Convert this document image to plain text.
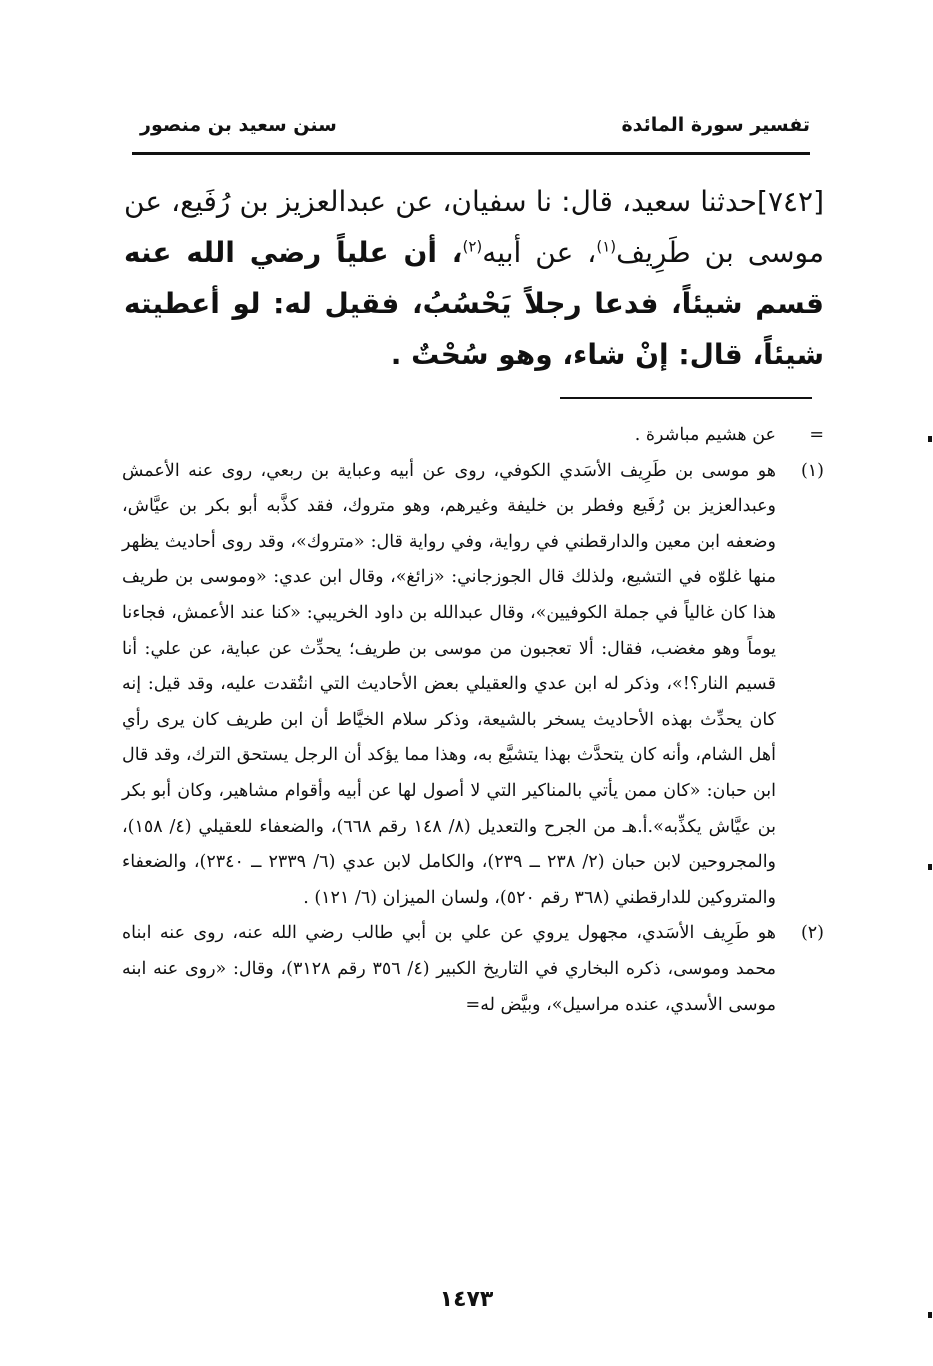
تفسير سورة المائدة
سنن سعيد بن منصور
[٧٤٢]حدثنا سعيد، قال: نا سفيان، عن عبدالعزيز بن رُفَيع، عن موسى بن طَرِيف$^{(١)}$، عن أبيه$^{(٢)}$، أن علياً رضي الله عنه قسم شيئاً، فدعا رجلاً يَحْسُبُ، فقيل له: لو أعطيته شيئاً، قال: إنْ شاء، وهو سُحْتٌ .
=
عن هشيم مباشرة .
(١)
هو موسى بن طَرِيف الأسَدي الكوفي، روى عن أبيه وعباية بن ربعي، روى عنه الأعمش وعبدالعزيز بن رُفَيع وفطر بن خليفة وغيرهم، وهو متروك، فقد كذَّبه أبو بكر بن عيَّاش، وضعفه ابن معين والدارقطني في رواية، وفي رواية قال: «متروك»، وقد روى أحاديث يظهر منها غلوّه في التشيع، ولذلك قال الجوزجاني: «زائغ»، وقال ابن عدي: «وموسى بن طريف هذا كان غالياً في جملة الكوفيين»، وقال عبدالله بن داود الخريبي: «كنا عند الأعمش، فجاءنا يوماً وهو مغضب، فقال: ألا تعجبون من موسى بن طريف؛ يحدِّث عن عباية، عن علي: أنا قسيم النار؟!»، وذكر له ابن عدي والعقيلي بعض الأحاديث التي انتُقدت عليه، وقد قيل: إنه كان يحدِّث بهذه الأحاديث يسخر بالشيعة، وذكر سلام الخيَّاط أن ابن طريف كان يرى رأي أهل الشام، وأنه كان يتحدَّث بهذا يتشيَّع به، وهذا مما يؤكد أن الرجل يستحق الترك، وقد قال ابن حبان: «كان ممن يأتي بالمناكير التي لا أصول لها عن أبيه وأقوام مشاهير، وكان أبو بكر بن عيَّاش يكذِّبه».أ.هـ من الجرح والتعديل (٨/ ١٤٨ رقم ٦٦٨)، والضعفاء للعقيلي (٤/ ١٥٨)، والمجروحين لابن حبان (٢/ ٢٣٨ ــ ٢٣٩)، والكامل لابن عدي (٦/ ٢٣٣٩ ــ ٢٣٤٠)، والضعفاء والمتروكين للدارقطني (٣٦٨ رقم ٥٢٠)، ولسان الميزان (٦/ ١٢١) .
(٢)
هو طَرِيف الأسَدي، مجهول يروي عن علي بن أبي طالب رضي الله عنه، روى عنه ابناه محمد وموسى، ذكره البخاري في التاريخ الكبير (٤/ ٣٥٦ رقم ٣١٢٨)، وقال: «روى عنه ابنه موسى الأسدي، عنده مراسيل»، وبيَّض له=
١٤٧٣
